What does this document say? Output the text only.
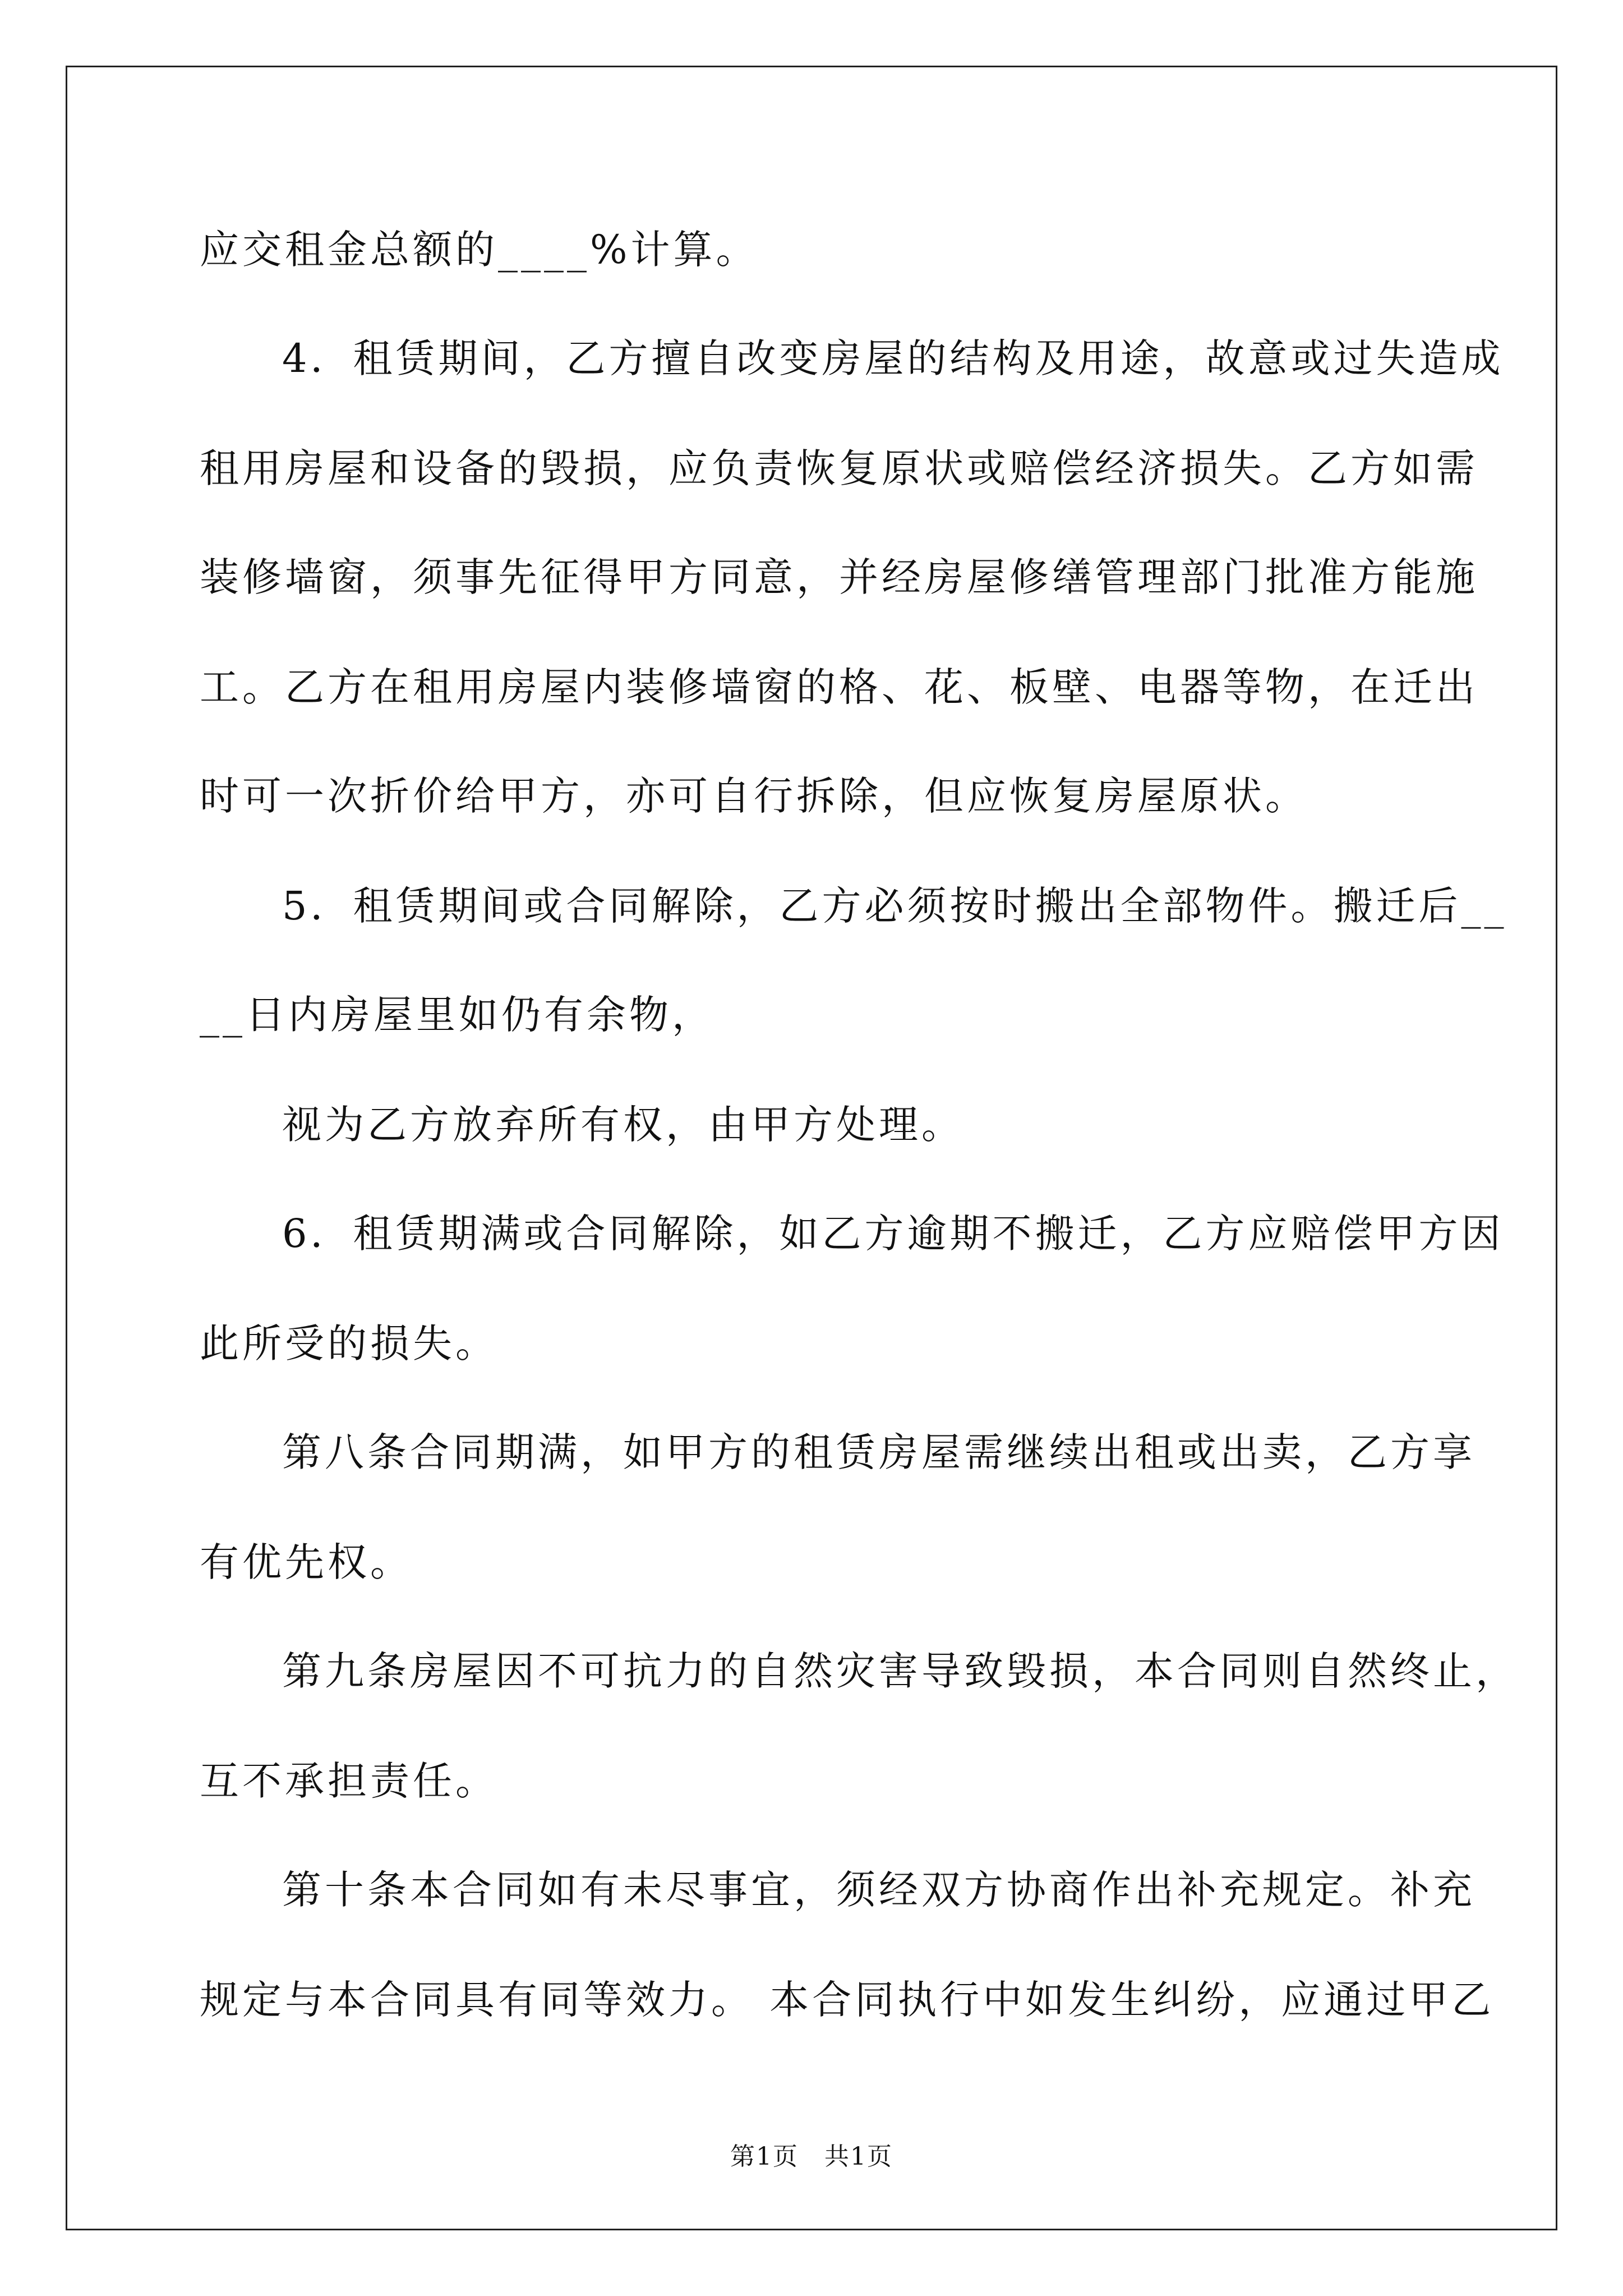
应交租金总额的____%计算。
4．租赁期间，乙方擅自改变房屋的结构及用途，故意或过失造成
租用房屋和设备的毁损，应负责恢复原状或赔偿经济损失。乙方如需
装修墙窗，须事先征得甲方同意，并经房屋修缮管理部门批准方能施
工。乙方在租用房屋内装修墙窗的格、花、板壁、电器等物，在迁出
时可一次折价给甲方，亦可自行拆除，但应恢复房屋原状。
5．租赁期间或合同解除，乙方必须按时搬出全部物件。搬迁后__
__日内房屋里如仍有余物，
视为乙方放弃所有权，由甲方处理。
6．租赁期满或合同解除，如乙方逾期不搬迁，乙方应赔偿甲方因
此所受的损失。
第八条合同期满，如甲方的租赁房屋需继续出租或出卖，乙方享
有优先权。
第九条房屋因不可抗力的自然灾害导致毁损，本合同则自然终止，
互不承担责任。
第十条本合同如有未尽事宜，须经双方协商作出补充规定。补充
规定与本合同具有同等效力。 本合同执行中如发生纠纷，应通过甲乙
第1页　共1页
